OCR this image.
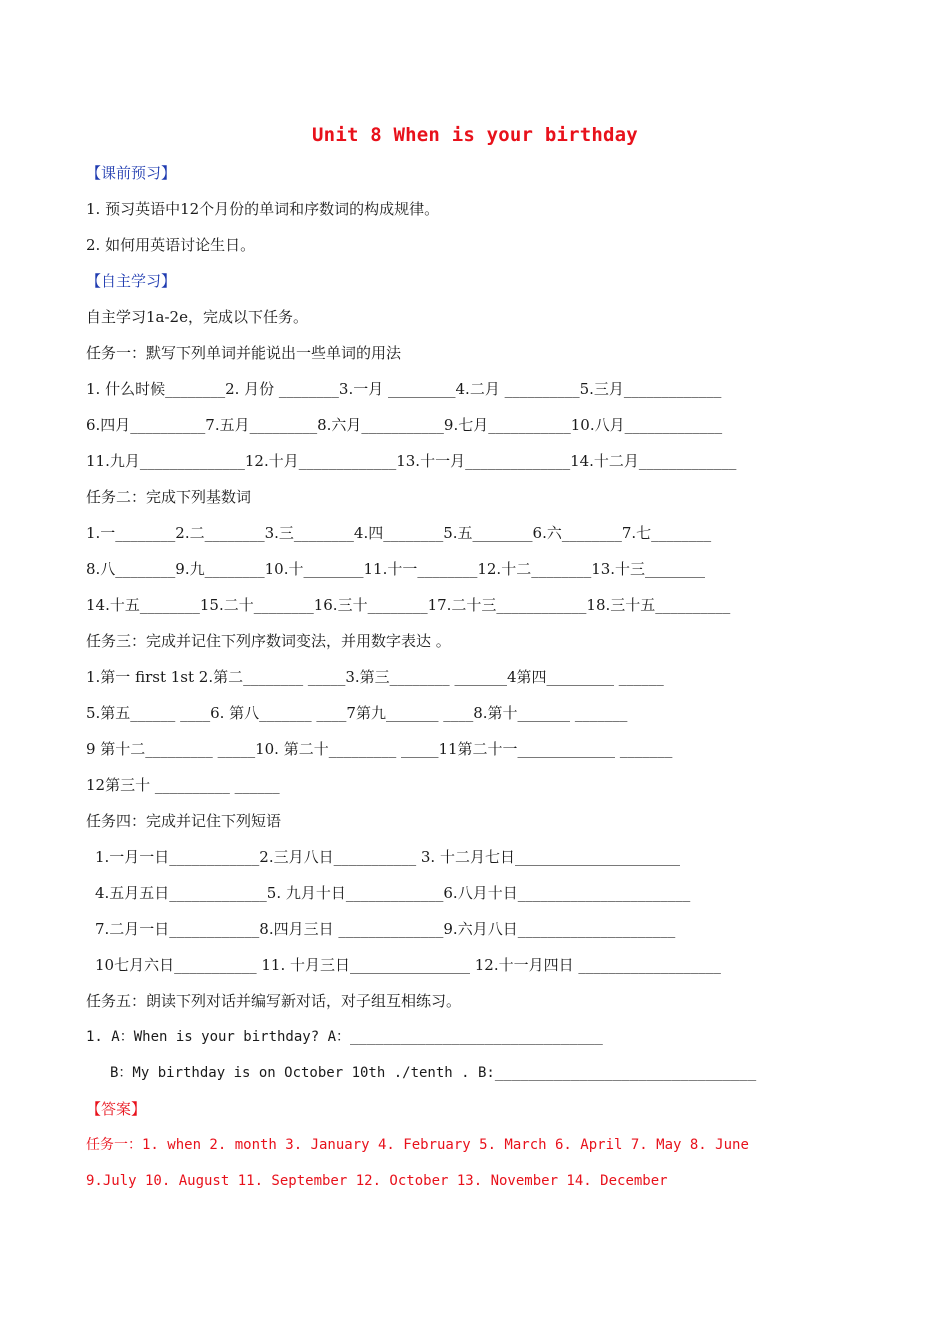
Unit 8 When is your birthday
【课前预习】
1. 预习英语中12个月份的单词和序数词的构成规律。
2. 如何用英语讨论生日。
【自主学习】
自主学习1a-2e，完成以下任务。
任务一：默写下列单词并能说出一些单词的用法
1. 什么时候________2. 月份 ________3.一月 _________4.二月 __________5.三月_____________
6.四月__________7.五月_________8.六月___________9.七月___________10.八月_____________
11.九月______________12.十月_____________13.十一月______________14.十二月_____________
任务二：完成下列基数词
1.一________2.二________3.三________4.四________5.五________6.六________7.七________
8.八________9.九________10.十________11.十一________12.十二________13.十三________
14.十五________15.二十________16.三十________17.二十三____________18.三十五__________
任务三：完成并记住下列序数词变法，并用数字表达 。
1.第一 first 1st 2.第二________ _____3.第三________ _______4第四_________ ______
5.第五______ ____6. 第八_______ ____7第九_______ ____8.第十_______ _______
9 第十二_________ _____10. 第二十_________ _____11第二十一_____________ _______
12第三十 __________ ______
任务四：完成并记住下列短语
1.一月一日____________2.三月八日___________ 3. 十二月七日______________________
4.五月五日_____________5. 九月十日_____________6.八月十日_______________________
7.二月一日____________8.四月三日 ______________9.六月八日_____________________
10七月六日___________ 11. 十月三日________________ 12.十一月四日 ___________________
任务五：朗读下列对话并编写新对话，对子组互相练习。
1. A：When is your birthday? A：______________________________
B：My birthday is on October 10th ./tenth . B:_______________________________
【答案】
任务一：1. when 2. month 3. January 4. February 5. March 6. April 7. May 8. June
9.July 10. August 11. September 12. October 13. November 14. December
